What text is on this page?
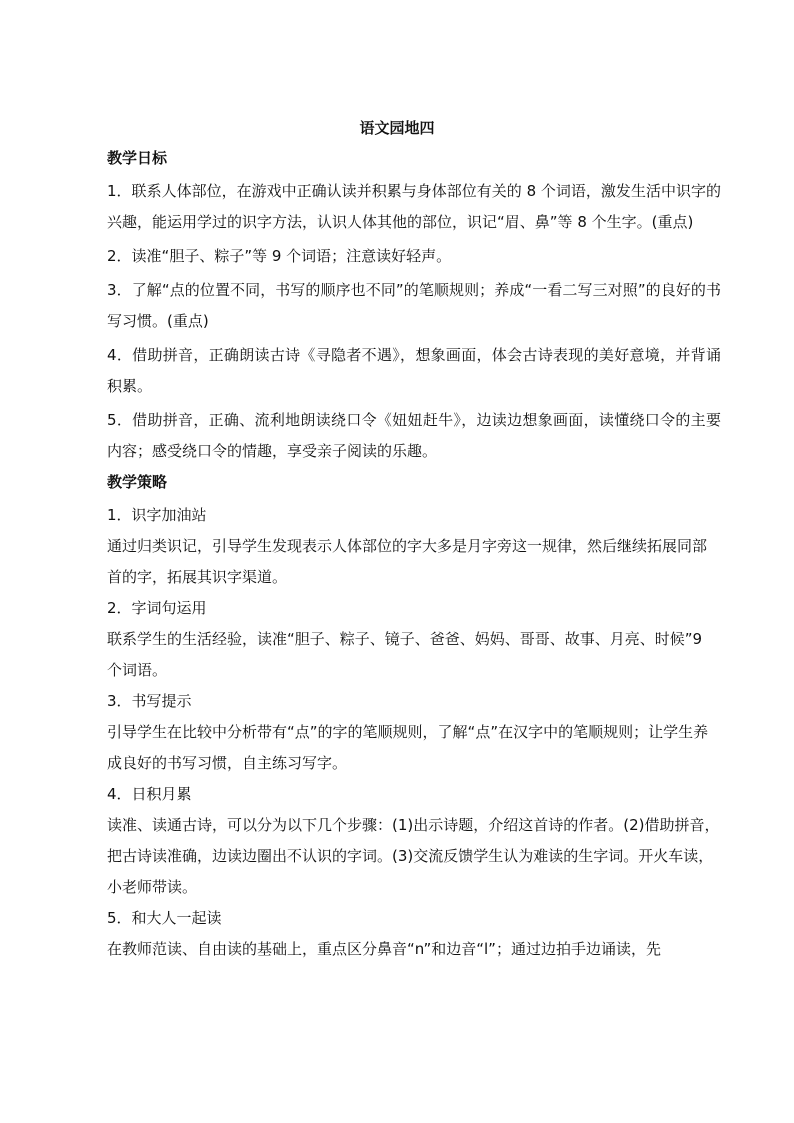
语文园地四
教学日标
1．联系人体部位，在游戏中正确认读并积累与身体部位有关的 8 个词语，激发生活中识字的兴趣，能运用学过的识字方法，认识人体其他的部位，识记“眉、鼻”等 8 个生字。(重点)
2．读准“胆子、粽子”等 9 个词语；注意读好轻声。
3．了解“点的位置不同，书写的顺序也不同”的笔顺规则；养成“一看二写三对照”的良好的书写习惯。(重点)
4．借助拼音，正确朗读古诗《寻隐者不遇》，想象画面，体会古诗表现的美好意境，并背诵积累。
5．借助拼音，正确、流利地朗读绕口令《妞妞赶牛》，边读边想象画面，读懂绕口令的主要内容；感受绕口令的情趣，享受亲子阅读的乐趣。
教学策略
1．识字加油站
通过归类识记，引导学生发现表示人体部位的字大多是月字旁这一规律，然后继续拓展同部首的字，拓展其识字渠道。
2．字词句运用
联系学生的生活经验，读准“胆子、粽子、镜子、爸爸、妈妈、哥哥、故事、月亮、时候”9 个词语。
3．书写提示
引导学生在比较中分析带有“点”的字的笔顺规则，了解“点”在汉字中的笔顺规则；让学生养成良好的书写习惯，自主练习写字。
4．日积月累
读准、读通古诗，可以分为以下几个步骤：(1)出示诗题，介绍这首诗的作者。(2)借助拼音，把古诗读准确，边读边圈出不认识的字词。(3)交流反馈学生认为难读的生字词。开火车读，小老师带读。
5．和大人一起读
在教师范读、自由读的基础上，重点区分鼻音“n”和边音“l”；通过边拍手边诵读，先
